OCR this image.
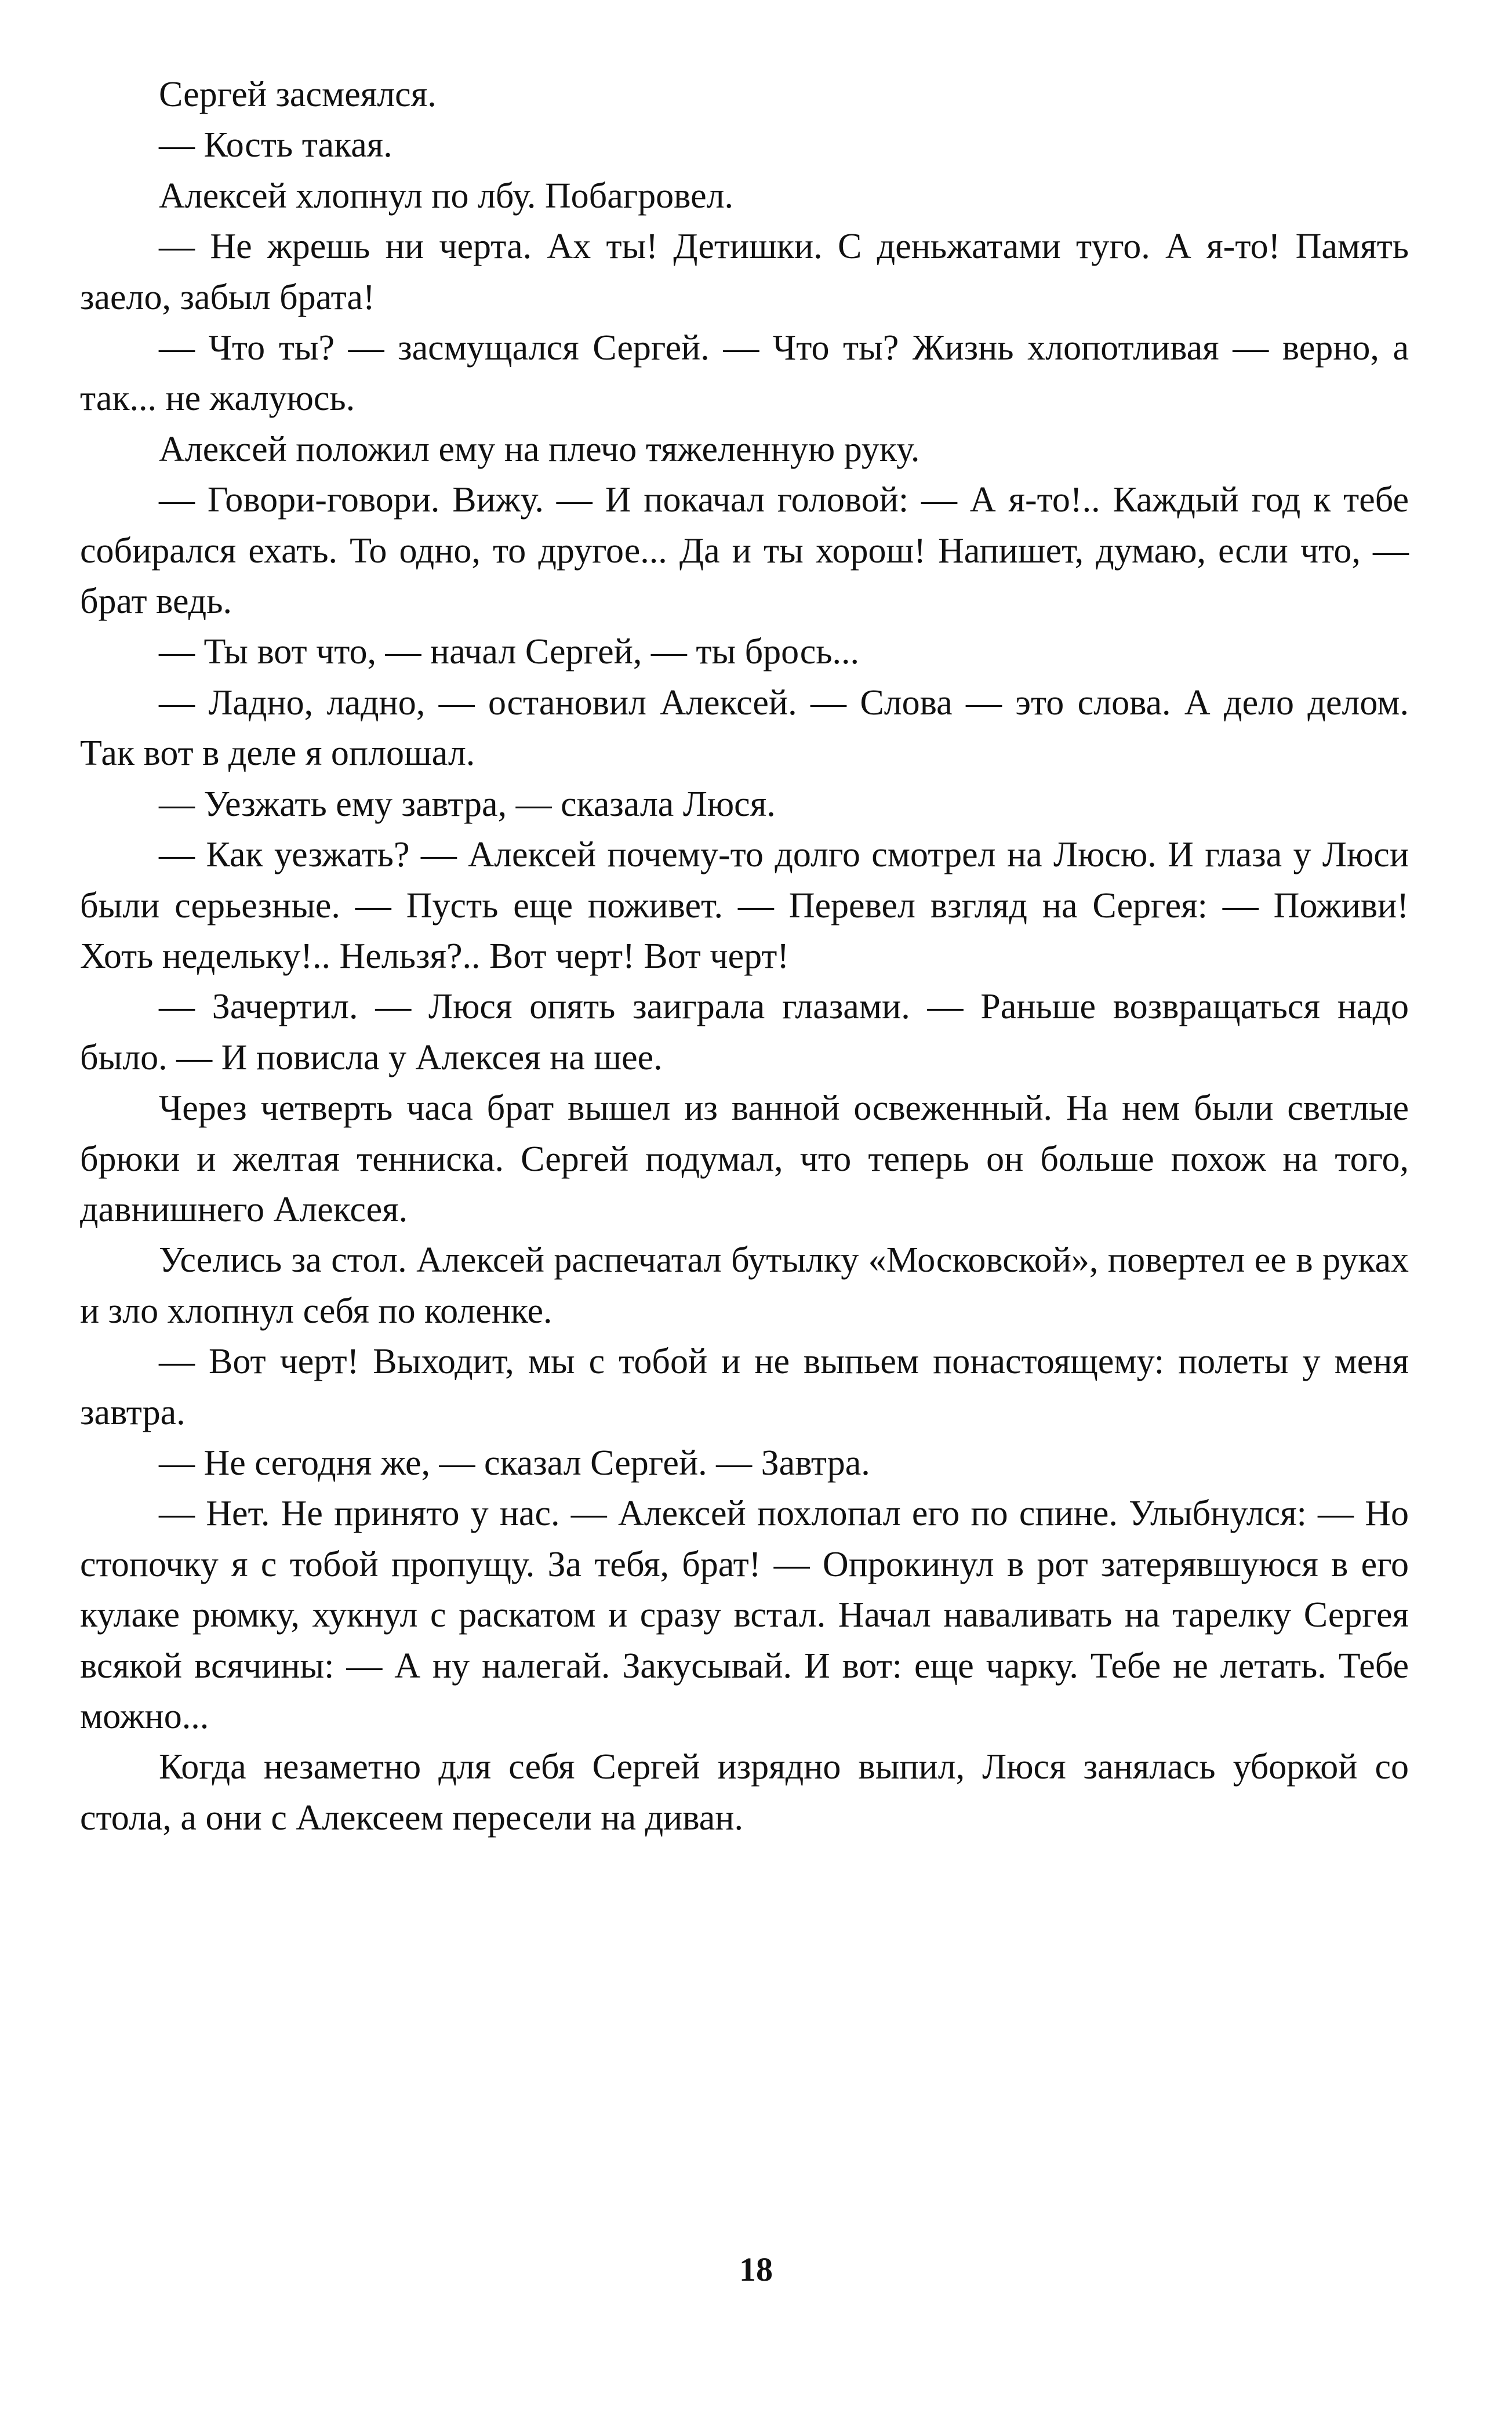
Сергей засмеялся.

— Кость такая.

Алексей хлопнул по лбу. Побагровел.

— Не жрешь ни черта. Ах ты! Детишки. С деньжатами туго. А я-то! Память заело, забыл брата!

— Что ты? — засмущался Сергей. — Что ты? Жизнь хлопотливая — верно, а так... не жалуюсь.

Алексей положил ему на плечо тяжеленную руку.

— Говори-говори. Вижу. — И покачал головой: — А я-то!.. Каждый год к тебе собирался ехать. То одно, то другое... Да и ты хорош! Напишет, думаю, если что, — брат ведь.

— Ты вот что, — начал Сергей, — ты брось...

— Ладно, ладно, — остановил Алексей. — Слова — это слова. А дело делом. Так вот в деле я оплошал.

— Уезжать ему завтра, — сказала Люся.

— Как уезжать? — Алексей почему-то долго смотрел на Люсю. И глаза у Люси были серьезные. — Пусть еще поживет. — Перевел взгляд на Сергея: — Поживи! Хоть недельку!.. Нельзя?.. Вот черт! Вот черт!

— Зачертил. — Люся опять заиграла глазами. — Раньше возвращаться надо было. — И повисла у Алексея на шее.

Через четверть часа брат вышел из ванной освеженный. На нем были светлые брюки и желтая тенниска. Сергей подумал, что теперь он больше похож на того, давнишнего Алексея.

Уселись за стол. Алексей распечатал бутылку «Московской», повертел ее в руках и зло хлопнул себя по коленке.

— Вот черт! Выходит, мы с тобой и не выпьем понастоящему: полеты у меня завтра.

— Не сегодня же, — сказал Сергей. — Завтра.

— Нет. Не принято у нас. — Алексей похлопал его по спине. Улыбнулся: — Но стопочку я с тобой пропущу. За тебя, брат! — Опрокинул в рот затерявшуюся в его кулаке рюмку, хукнул с раскатом и сразу встал. Начал наваливать на тарелку Сергея всякой всячины: — А ну налегай. Закусывай. И вот: еще чарку. Тебе не летать. Тебе можно...

Когда незаметно для себя Сергей изрядно выпил, Люся занялась уборкой со стола, а они с Алексеем пересели на диван.

18
